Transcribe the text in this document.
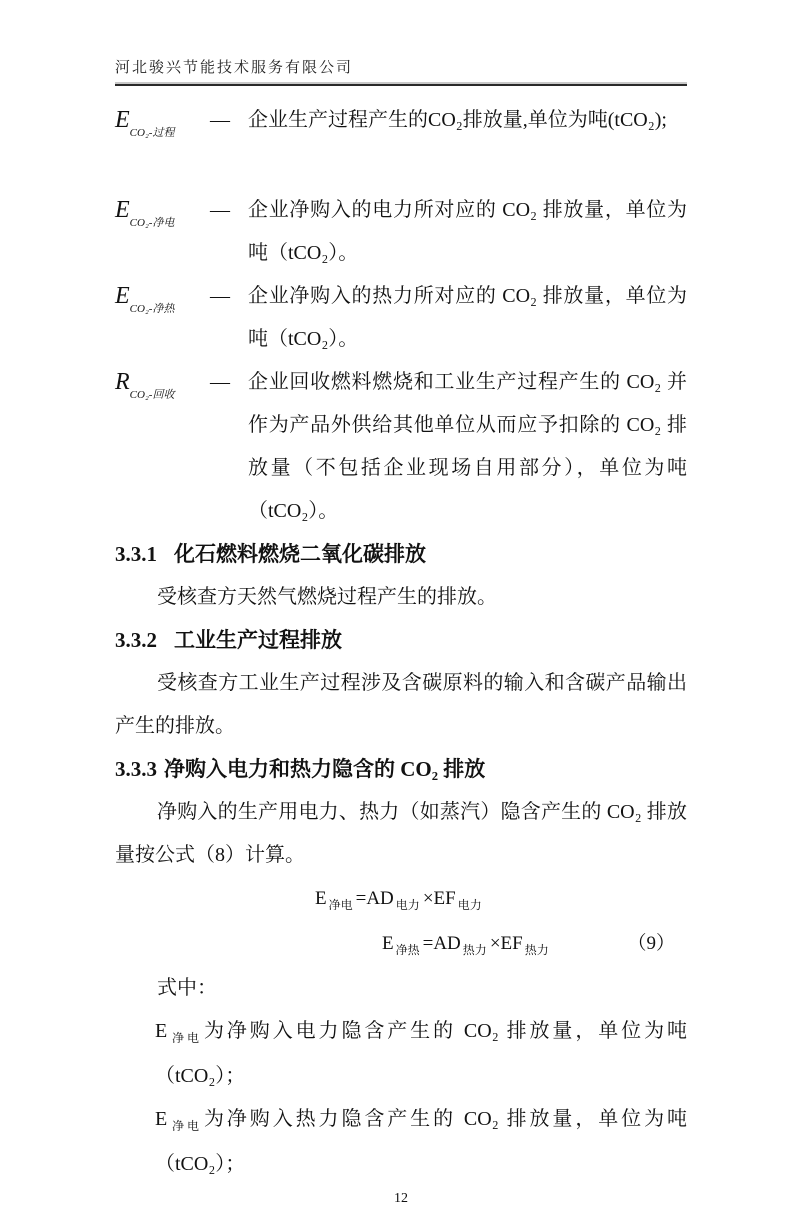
河北骏兴节能技术服务有限公司
$E_{CO_2-过程}$
— 企业生产过程产生的CO₂排放量,单位为吨(tCO₂);
$E_{CO_2-净电}$
— 企业净购入的电力所对应的 CO₂ 排放量，单位为吨（tCO₂）。
$E_{CO_2-净热}$
— 企业净购入的热力所对应的 CO₂ 排放量，单位为吨（tCO₂）。
$R_{CO_2-回收}$
— 企业回收燃料燃烧和工业生产过程产生的 CO₂ 并作为产品外供给其他单位从而应予扣除的 CO₂ 排放量（不包括企业现场自用部分），单位为吨（tCO₂）。
3.3.1 化石燃料燃烧二氧化碳排放

受核查方天然气燃烧过程产生的排放。

3.3.2 工业生产过程排放

受核查方工业生产过程涉及含碳原料的输入和含碳产品输出产生的排放。

3.3.3 净购入电力和热力隐含的 CO₂ 排放

净购入的生产用电力、热力（如蒸汽）隐含产生的 CO₂ 排放量按公式（8）计算。

E $_{净电}$ =AD $_{电力}$ ×EF $_{电力}$
E $_{净热}$ =AD $_{热力}$ ×EF $_{热力}$	（9）

式中：

E $_{净电}$ 为净购入电力隐含产生的 CO₂ 排放量，单位为吨（tCO₂）；
E $_{净电}$ 为净购入热力隐含产生的 CO₂ 排放量，单位为吨（tCO₂）；
12
